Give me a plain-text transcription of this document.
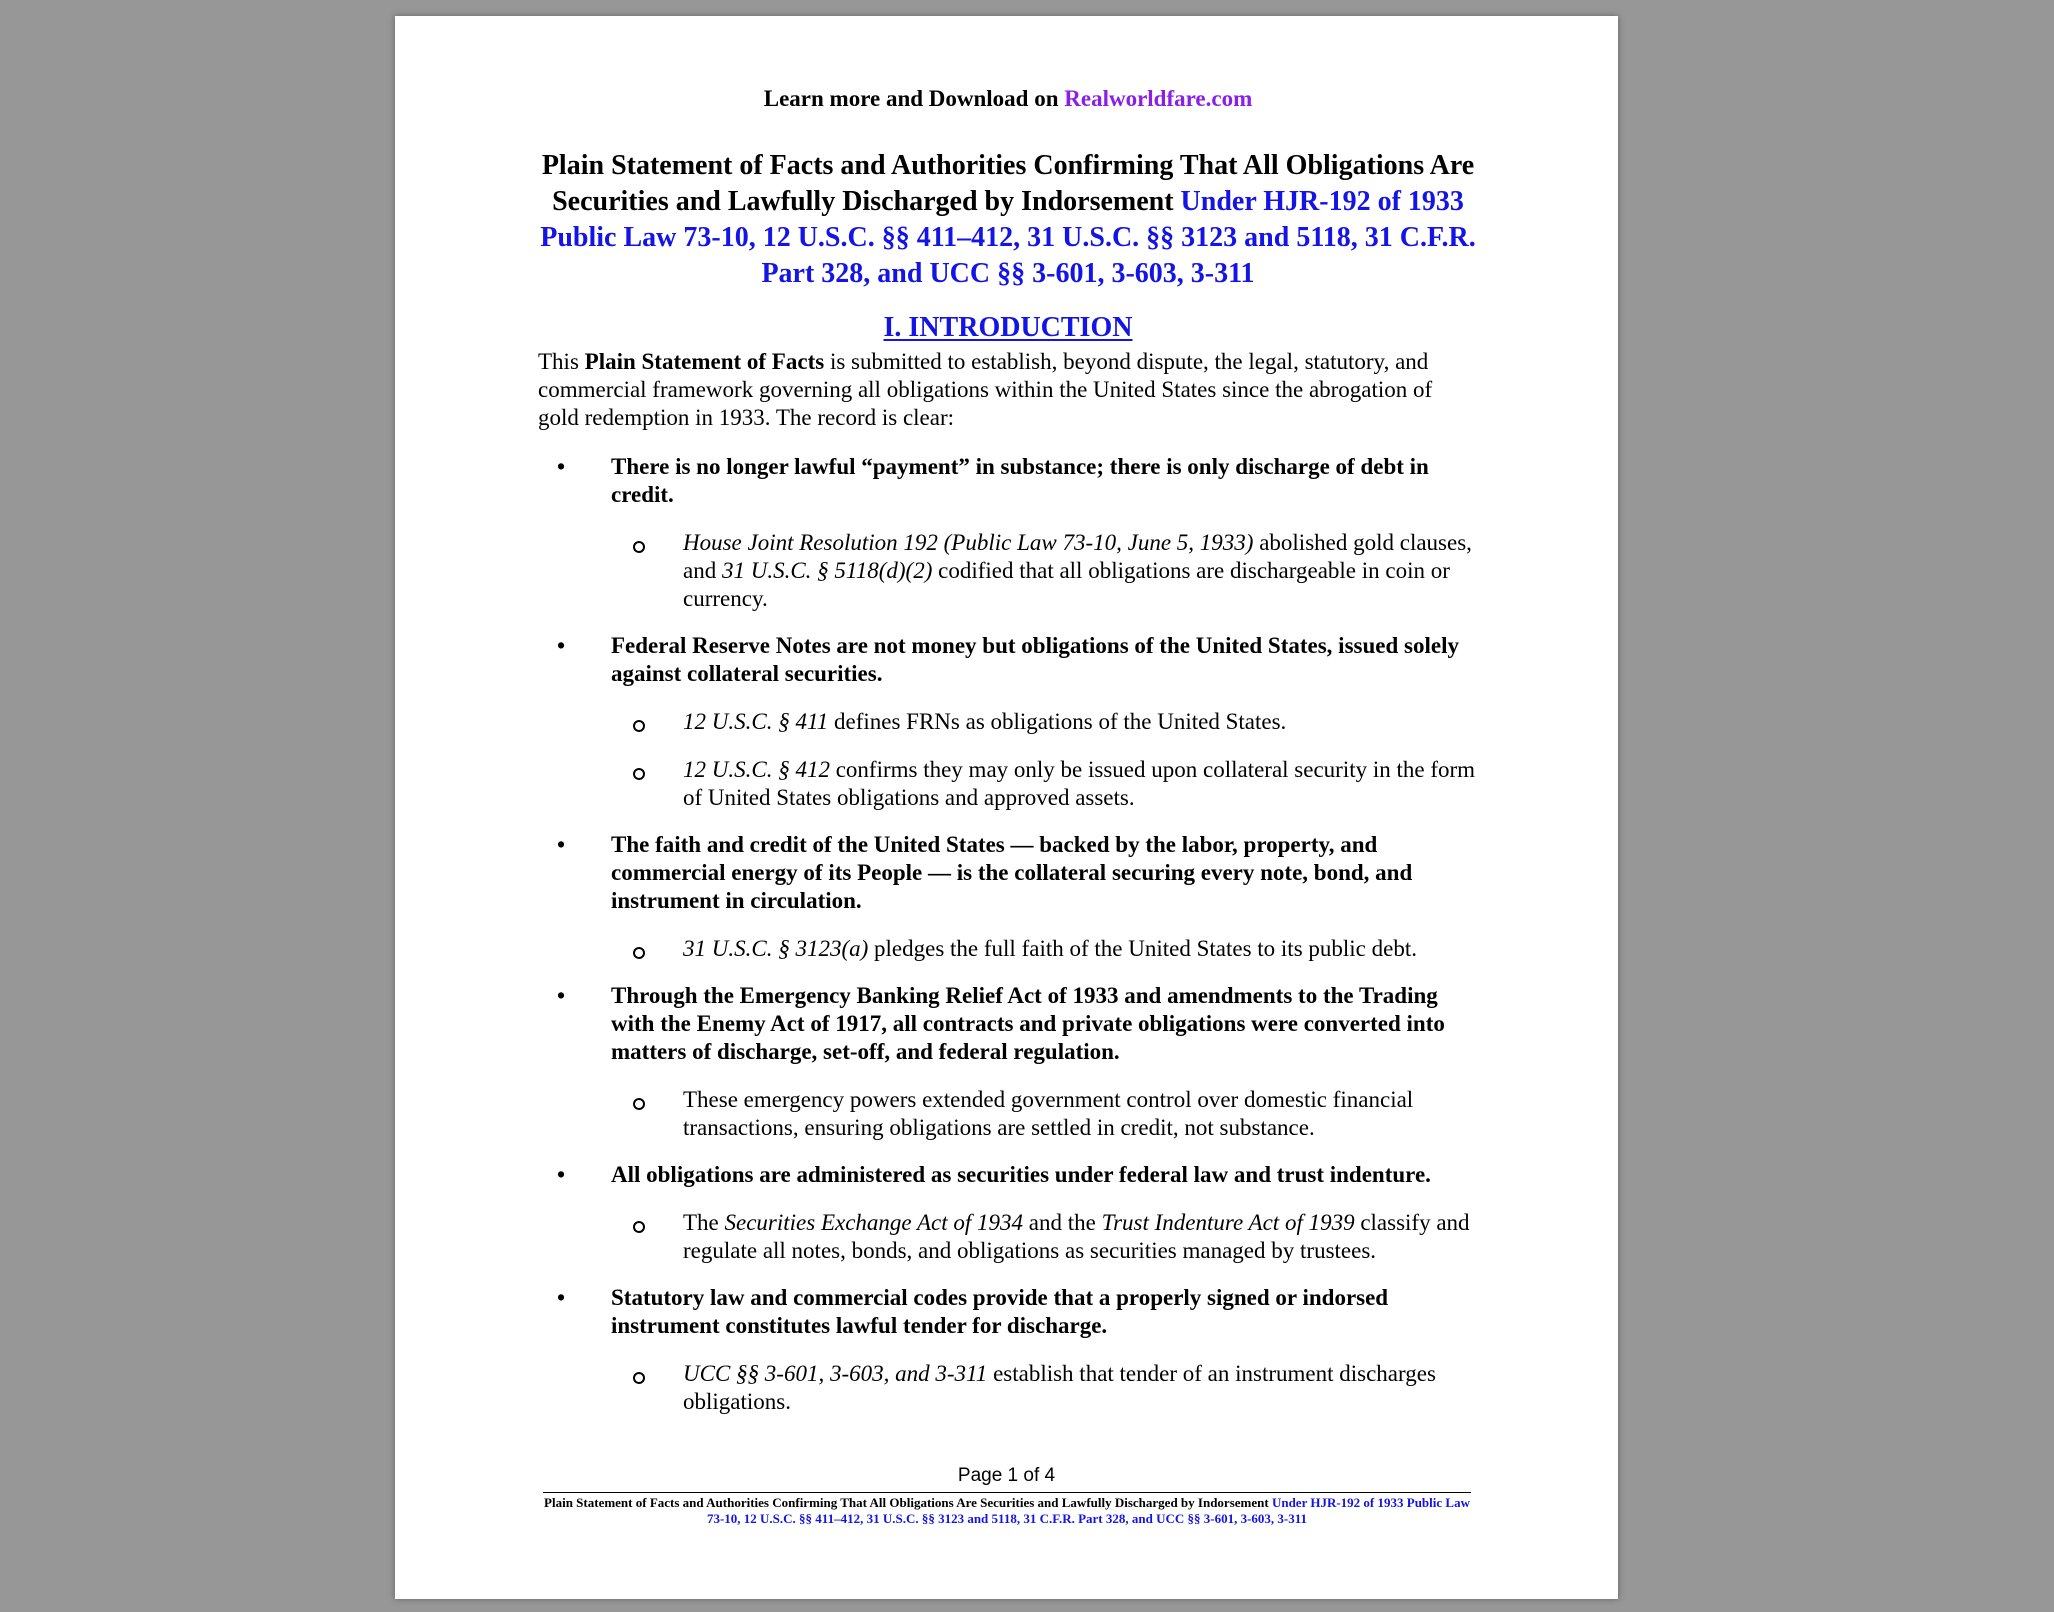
Learn more and Download on Realworldfare.com

Plain Statement of Facts and Authorities Confirming That All Obligations Are Securities and Lawfully Discharged by Indorsement Under HJR-192 of 1933 Public Law 73-10, 12 U.S.C. §§ 411–412, 31 U.S.C. §§ 3123 and 5118, 31 C.F.R. Part 328, and UCC §§ 3-601, 3-603, 3-311
I. INTRODUCTION

This Plain Statement of Facts is submitted to establish, beyond dispute, the legal, statutory, and commercial framework governing all obligations within the United States since the abrogation of gold redemption in 1933. The record is clear:

• There is no longer lawful “payment” in substance; there is only discharge of debt in credit.

House Joint Resolution 192 (Public Law 73-10, June 5, 1933) abolished gold clauses, and 31 U.S.C. § 5118(d)(2) codified that all obligations are dischargeable in coin or currency.
• Federal Reserve Notes are not money but obligations of the United States, issued solely against collateral securities.

12 U.S.C. § 411 defines FRNs as obligations of the United States.
12 U.S.C. § 412 confirms they may only be issued upon collateral security in the form of United States obligations and approved assets.
• The faith and credit of the United States — backed by the labor, property, and commercial energy of its People — is the collateral securing every note, bond, and instrument in circulation.

31 U.S.C. § 3123(a) pledges the full faith of the United States to its public debt.
• Through the Emergency Banking Relief Act of 1933 and amendments to the Trading with the Enemy Act of 1917, all contracts and private obligations were converted into matters of discharge, set-off, and federal regulation.

These emergency powers extended government control over domestic financial transactions, ensuring obligations are settled in credit, not substance.
• All obligations are administered as securities under federal law and trust indenture.

The Securities Exchange Act of 1934 and the Trust Indenture Act of 1939 classify and regulate all notes, bonds, and obligations as securities managed by trustees.
• Statutory law and commercial codes provide that a properly signed or indorsed instrument constitutes lawful tender for discharge.

UCC §§ 3-601, 3-603, and 3-311 establish that tender of an instrument discharges obligations.
Page 1 of 4
Plain Statement of Facts and Authorities Confirming That All Obligations Are Securities and Lawfully Discharged by Indorsement Under HJR-192 of 1933 Public Law 73-10, 12 U.S.C. §§ 411–412, 31 U.S.C. §§ 3123 and 5118, 31 C.F.R. Part 328, and UCC §§ 3-601, 3-603, 3-311
